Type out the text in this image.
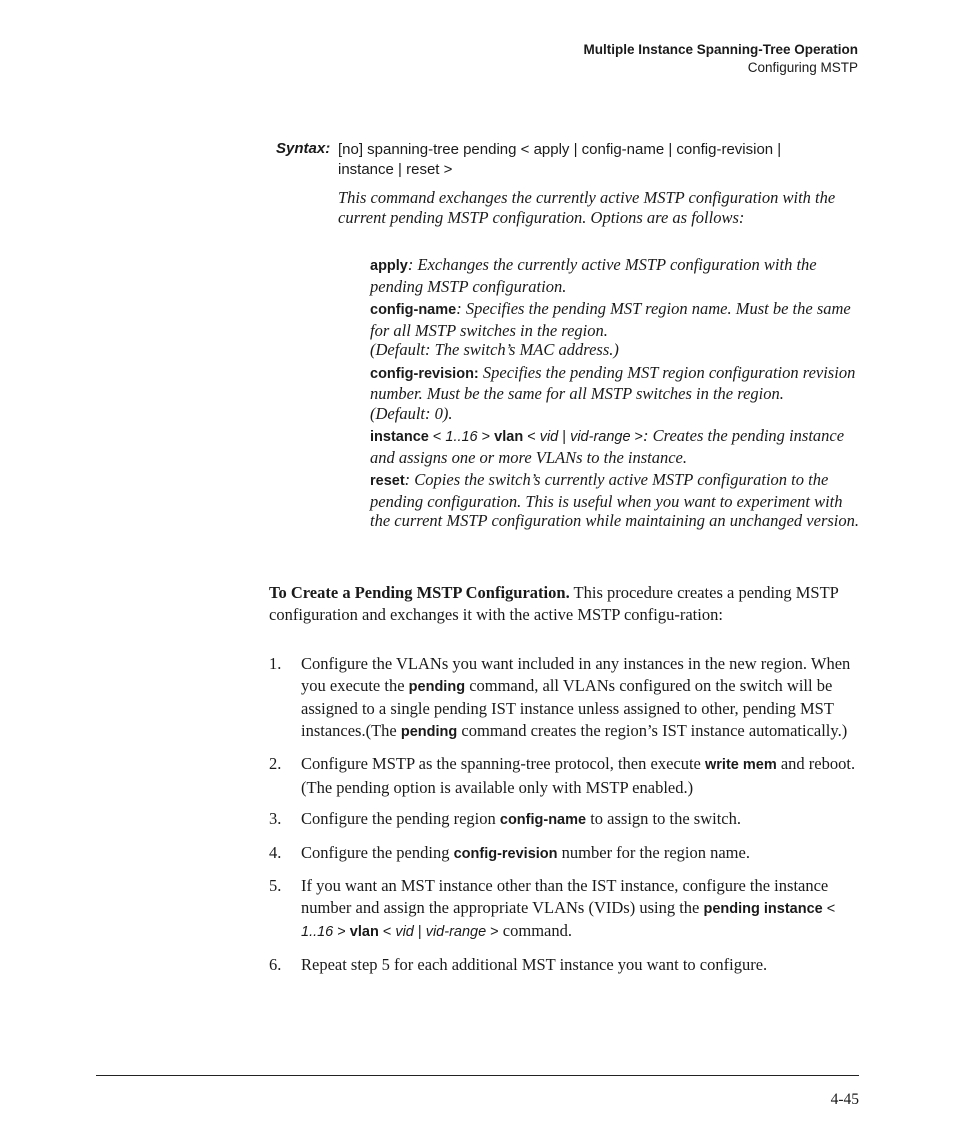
Multiple Instance Spanning-Tree Operation
Configuring MSTP
Syntax: [no] spanning-tree pending < apply | config-name | config-revision |
instance | reset >
This command exchanges the currently active MSTP configuration with the current pending MSTP configuration. Options are as follows:
apply: Exchanges the currently active MSTP configuration with the pending MSTP configuration.
config-name: Specifies the pending MST region name. Must be the same for all MSTP switches in the region.
(Default: The switch’s MAC address.)
config-revision: Specifies the pending MST region configuration revision number. Must be the same for all MSTP switches in the region.
(Default: 0).
instance < 1..16 > vlan < vid | vid-range >: Creates the pending instance and assigns one or more VLANs to the instance.
reset: Copies the switch’s currently active MSTP configuration to the pending configuration. This is useful when you want to experiment with the current MSTP configuration while maintaining an unchanged version.
To Create a Pending MSTP Configuration. This procedure creates a pending MSTP configuration and exchanges it with the active MSTP configu-ration:
1. Configure the VLANs you want included in any instances in the new region. When you execute the pending command, all VLANs configured on the switch will be assigned to a single pending IST instance unless assigned to other, pending MST instances.(The pending command creates the region’s IST instance automatically.)
2. Configure MSTP as the spanning-tree protocol, then execute write mem and reboot. (The pending option is available only with MSTP enabled.)
3. Configure the pending region config-name to assign to the switch.
4. Configure the pending config-revision number for the region name.
5. If you want an MST instance other than the IST instance, configure the instance number and assign the appropriate VLANs (VIDs) using the pending instance < 1..16 > vlan < vid | vid-range > command.
6. Repeat step 5 for each additional MST instance you want to configure.
4-45
